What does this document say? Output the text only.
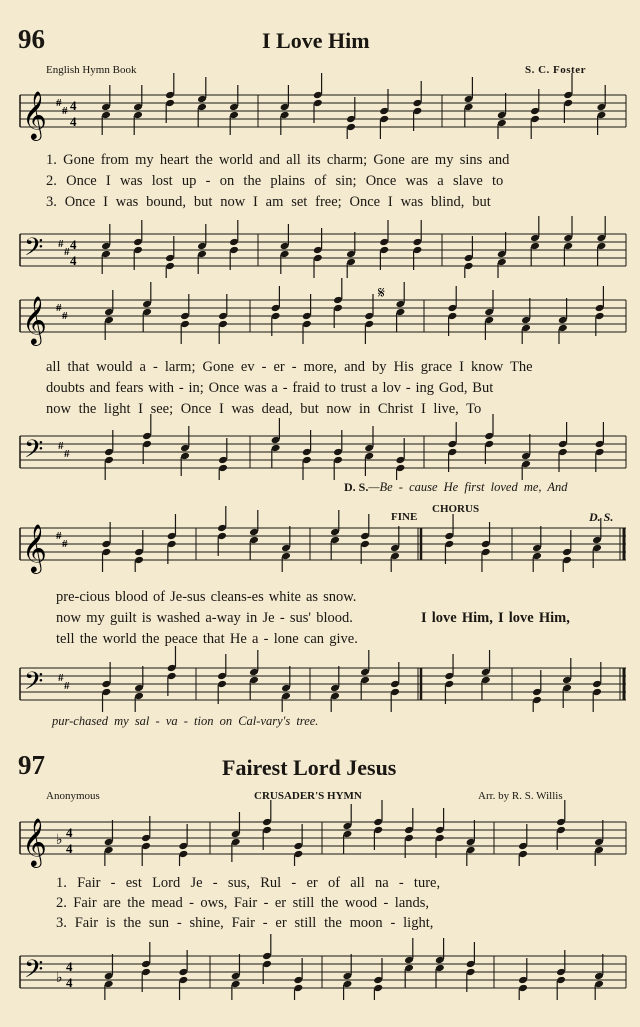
96	I Love Him
English Hymn Book	S. C. Foster
𝄞 #
# 4
4
1. Gone from my heart the world and all its charm; Gone are my sins and
2. Once I was lost up - on the plains of sin; Once was a slave to
3. Once I was bound, but now I am set free; Once I was blind, but
𝄢 #
# 4
4
𝄞 #
#
𝄋
all that would a - larm; Gone ev - er - more, and by His grace I know The
doubts and fears with - in; Once was a - fraid to trust a lov - ing God, But
now the light I see; Once I was dead, but now in Christ I live, To
𝄢 #
#
D. S.—Be - cause He first loved me, And
FINE
CHORUS
D. S.
𝄞 #
#
pre-cious blood of Je-sus cleans-es white as snow.
now my guilt is washed a-way in Je - sus' blood.	I love Him, I love Him,
tell the world the peace that He a - lone can give.
𝄢 #
#
pur-chased my sal - va - tion on Cal-vary's tree.
97	Fairest Lord Jesus
Anonymous	CRUSADER'S HYMN	Arr. by R. S. Willis
𝄞 ♭
4
4
1. Fair - est Lord Je - sus, Rul - er of all na - ture,
2. Fair are the mead - ows, Fair - er still the wood - lands,
3. Fair is the sun - shine, Fair - er still the moon - light,
𝄢 ♭
4
4
